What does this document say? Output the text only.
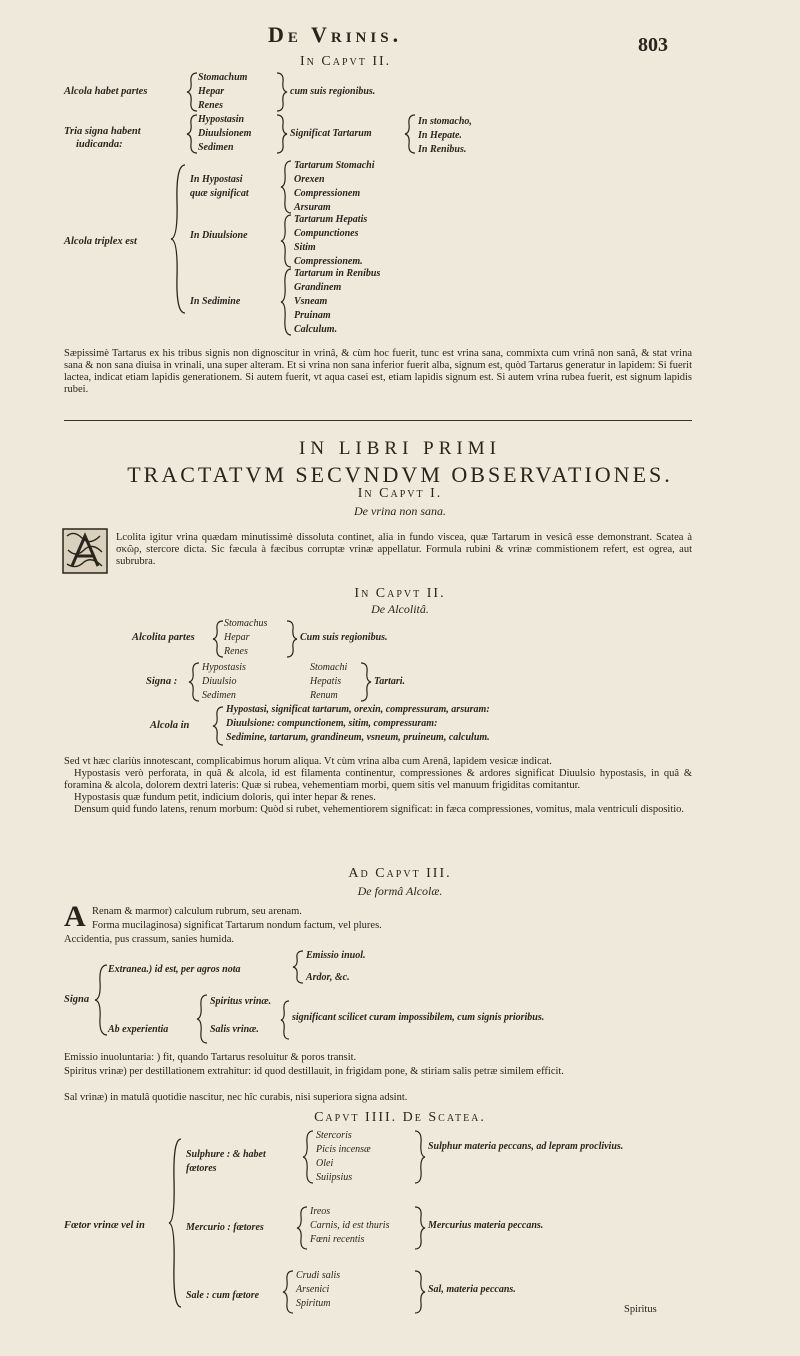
De Vrinis.	803
In Capvt II.
Alcola habet partes
Stomachum
Hepar
Renes
cum suis regionibus.
Tria signa habent
iudicanda:
Hypostasin
Diuulsionem
Sedimen
Significat Tartarum
In stomacho,
In Hepate.
In Renibus.
Alcola triplex est
In Hypostasi
quæ significat
Tartarum Stomachi
Orexen
Compressionem
Arsuram
In Diuulsione
Tartarum Hepatis
Compunctiones
Sitim
Compressionem.
In Sedimine
Tartarum in Renibus
Grandinem
Vsneam
Pruinam
Calculum.
Sæpissimè Tartarus ex his tribus signis non dignoscitur in vrinâ, & cùm hoc fuerit, tunc est vrina sana, commixta cum vrinâ non sanâ, & stat vrina sana & non sana diuisa in vrinali, una super alteram. Et si vrina non sana inferior fuerit alba, signum est, quòd Tartarus generatur in lapidem: Si fuerit lactea, indicat etiam lapidis generationem. Si autem fuerit, vt aqua casei est, etiam lapidis signum est. Si autem vrina rubea fuerit, est signum lapidis rubei.
IN LIBRI PRIMI
TRACTATVM SECVNDVM OBSERVATIONES.
In Capvt I.
De vrina non sana.
Lcolita igitur vrina quædam minutissimè dissoluta continet, alia in fundo viscea, quæ Tartarum in vesicâ esse demonstrant. Scatea à σκῶρ, stercore dicta. Sic fæcula à fæcibus corruptæ vrinæ appellatur. Formula rubini & vrinæ commistionem refert, est ogrea, aut subrubra.
In Capvt II.
De Alcolitâ.
Alcolita partes
Stomachus
Hepar
Renes
Cum suis regionibus.
Signa :
Hypostasis
Diuulsio
Sedimen
Stomachi
Hepatis
Renum
Tartari.
Alcola in
Hypostasi, significat tartarum, orexin, compressuram, arsuram:
Diuulsione: compunctionem, sitim, compressuram:
Sedimine, tartarum, grandineum, vsneum, pruineum, calculum.

Sed vt hæc clariùs innotescant, complicabimus horum aliqua. Vt cùm vrina alba cum Arenâ, lapidem vesicæ indicat.

Hypostasis verò perforata, in quâ & alcola, id est filamenta continentur, compressiones & ardores significat Diuulsio hypostasis, in quâ & foramina & alcola, dolorem dextri lateris: Quæ si rubea, vehementiam morbi, quem sitis vel manuum frigiditas comitantur.

Hypostasis quæ fundum petit, indicium doloris, qui inter hepar & renes.

Densum quid fundo latens, renum morbum: Quòd si rubet, vehementiorem significat: in fæca compressiones, vomitus, mala ventriculi dispositio.

Ad Capvt III.
De formâ Alcolæ.
A Renam & marmor) calculum rubrum, seu arenam.
Forma mucilaginosa) significat Tartarum nondum factum, vel plures.
Accidentia, pus crassum, sanies humida.
Signa
Extranea.) id est, per agros nota
Emissio inuol.
Ardor, &c.
Ab experientia
Spiritus vrinæ.
Salis vrinæ.
significant scilicet curam impossibilem, cum signis prioribus.
Emissio inuoluntaria: ) fit, quando Tartarus resoluitur & poros transit.
Spiritus vrinæ) per destillationem extrahitur: id quod destillauit, in frigidam pone, & stiriam salis petræ similem efficit.
Sal vrinæ) in matulâ quotidie nascitur, nec hîc curabis, nisi superiora signa adsint.
Capvt IIII. De Scatea.
Fœtor vrinæ vel in
Sulphure : & habet fœtores
Stercoris
Picis incensæ
Olei
Suiipsius
Sulphur materia peccans, ad lepram proclivius.
Mercurio : fœtores
Ireos
Carnis, id est thuris
Fœni recentis
Mercurius materia peccans.
Sale : cum fœtore
Crudi salis
Arsenici
Spiritum
Sal, materia peccans.
Spiritus
